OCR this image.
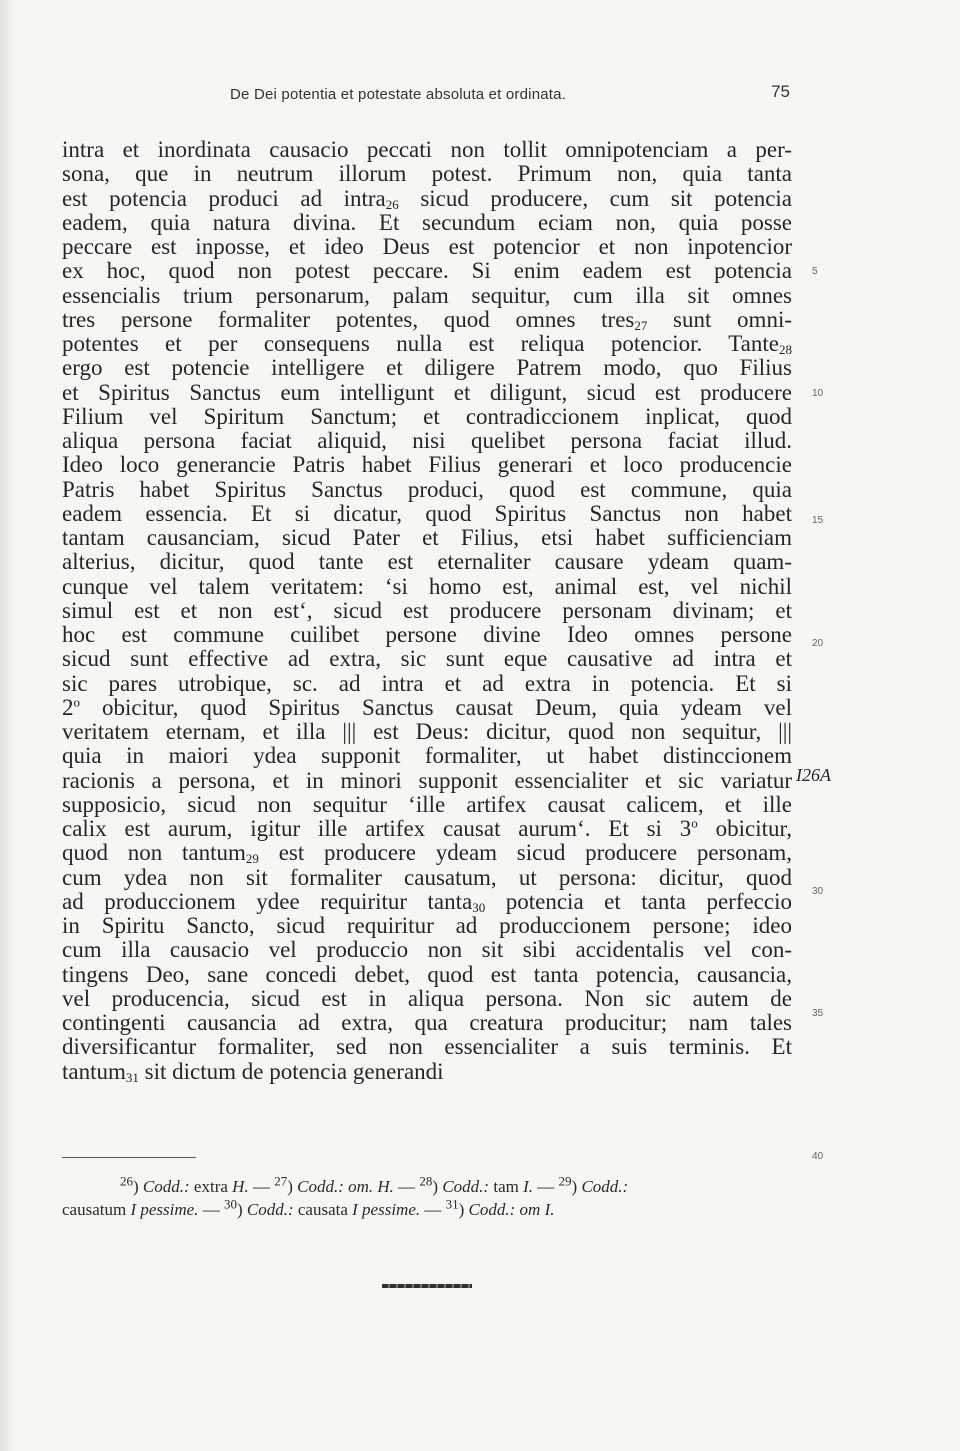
De Dei potentia et potestate absoluta et ordinata.	75
intra et inordinata causacio peccati non tollit omnipotenciam a per-
sona, que in neutrum illorum potest. Primum non, quia tanta
est potencia produci ad intra$_{26}$ sicud producere, cum sit potencia
eadem, quia natura divina. Et secundum eciam non, quia posse
peccare est inposse, et ideo Deus est potencior et non inpotencior
ex hoc, quod non potest peccare. Si enim eadem est potencia
essencialis trium personarum, palam sequitur, cum illa sit omnes
tres persone formaliter potentes, quod omnes tres$_{27}$ sunt omni-
potentes et per consequens nulla est reliqua potencior. Tante$_{28}$
ergo est potencie intelligere et diligere Patrem modo, quo Filius
et Spiritus Sanctus eum intelligunt et diligunt, sicud est producere
Filium vel Spiritum Sanctum; et contradiccionem inplicat, quod
aliqua persona faciat aliquid, nisi quelibet persona faciat illud.
Ideo loco generancie Patris habet Filius generari et loco producencie
Patris habet Spiritus Sanctus produci, quod est commune, quia
eadem essencia. Et si dicatur, quod Spiritus Sanctus non habet
tantam causanciam, sicud Pater et Filius, etsi habet sufficienciam
alterius, dicitur, quod tante est eternaliter causare ydeam quam-
cunque vel talem veritatem: ‘si homo est, animal est, vel nichil
simul est et non est‘, sicud est producere personam divinam; et
hoc est commune cuilibet persone divine Ideo omnes persone
sicud sunt effective ad extra, sic sunt eque causative ad intra et
sic pares utrobique, sc. ad intra et ad extra in potencia. Et si
2$^o$ obicitur, quod Spiritus Sanctus causat Deum, quia ydeam vel
veritatem eternam, et illa ||| est Deus: dicitur, quod non sequitur, |||
quia in maiori ydea supponit formaliter, ut habet distinccionem
racionis a persona, et in minori supponit essencialiter et sic variatur
supposicio, sicud non sequitur ‘ille artifex causat calicem, et ille
calix est aurum, igitur ille artifex causat aurum‘. Et si 3$^o$ obicitur,
quod non tantum$_{29}$ est producere ydeam sicud producere personam,
cum ydea non sit formaliter causatum, ut persona: dicitur, quod
ad produccionem ydee requiritur tanta$_{30}$ potencia et tanta perfeccio
in Spiritu Sancto, sicud requiritur ad produccionem persone; ideo
cum illa causacio vel produccio non sit sibi accidentalis vel con-
tingens Deo, sane concedi debet, quod est tanta potencia, causancia,
vel producencia, sicud est in aliqua persona. Non sic autem de
contingenti causancia ad extra, qua creatura producitur; nam tales
diversificantur formaliter, sed non essencialiter a suis terminis. Et
tantum$_{31}$ sit dictum de potencia generandi
5
10
15
20
30
35
40
I26A
$^{26}$) Codd.: extra H. — $^{27}$) Codd.: om. H. — $^{28}$) Codd.: tam I. — $^{29}$) Codd.:
causatum I pessime. — $^{30}$) Codd.: causata I pessime. — $^{31}$) Codd.: om I.
